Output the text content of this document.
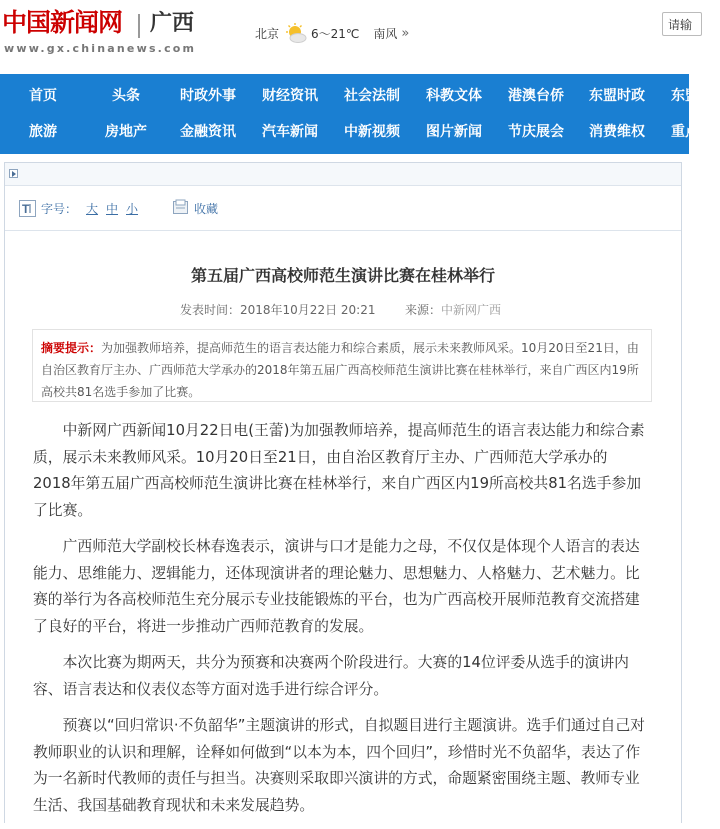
中国新闻网 广西
www.gx.chinanews.com
北京	6～21℃ 南风 »
请输
首页	头条	时政外事 财经资讯 社会法制 科教文体 港澳台侨 东盟时政 东盟
旅游	房地产 金融资讯 汽车新闻 中新视频 图片新闻 节庆展会 消费维权 重点
T 字号： 大 中 小	收藏
第五届广西高校师范生演讲比赛在桂林举行
发表时间：2018年10月22日 20:21 来源：中新网广西
摘要提示：为加强教师培养，提高师范生的语言表达能力和综合素质，展示未来教师风采。10月20日至21日，由自治区教育厅主办、广西师范大学承办的2018年第五届广西高校师范生演讲比赛在桂林举行，来自广西区内19所高校共81名选手参加了比赛。

中新网广西新闻10月22日电(王蕾)为加强教师培养，提高师范生的语言表达能力和综合素质，展示未来教师风采。10月20日至21日，由自治区教育厅主办、广西师范大学承办的2018年第五届广西高校师范生演讲比赛在桂林举行，来自广西区内19所高校共81名选手参加了比赛。

广西师范大学副校长林春逸表示，演讲与口才是能力之母，不仅仅是体现个人语言的表达能力、思维能力、逻辑能力，还体现演讲者的理论魅力、思想魅力、人格魅力、艺术魅力。比赛的举行为各高校师范生充分展示专业技能锻炼的平台，也为广西高校开展师范教育交流搭建了良好的平台，将进一步推动广西师范教育的发展。

本次比赛为期两天，共分为预赛和决赛两个阶段进行。大赛的14位评委从选手的演讲内容、语言表达和仪表仪态等方面对选手进行综合评分。

预赛以“回归常识·不负韶华”主题演讲的形式，自拟题目进行主题演讲。选手们通过自己对教师职业的认识和理解，诠释如何做到“以本为本，四个回归”，珍惜时光不负韶华，表达了作为一名新时代教师的责任与担当。决赛则采取即兴演讲的方式，命题紧密围绕主题、教师专业生活、我国基础教育现状和未来发展趋势。
